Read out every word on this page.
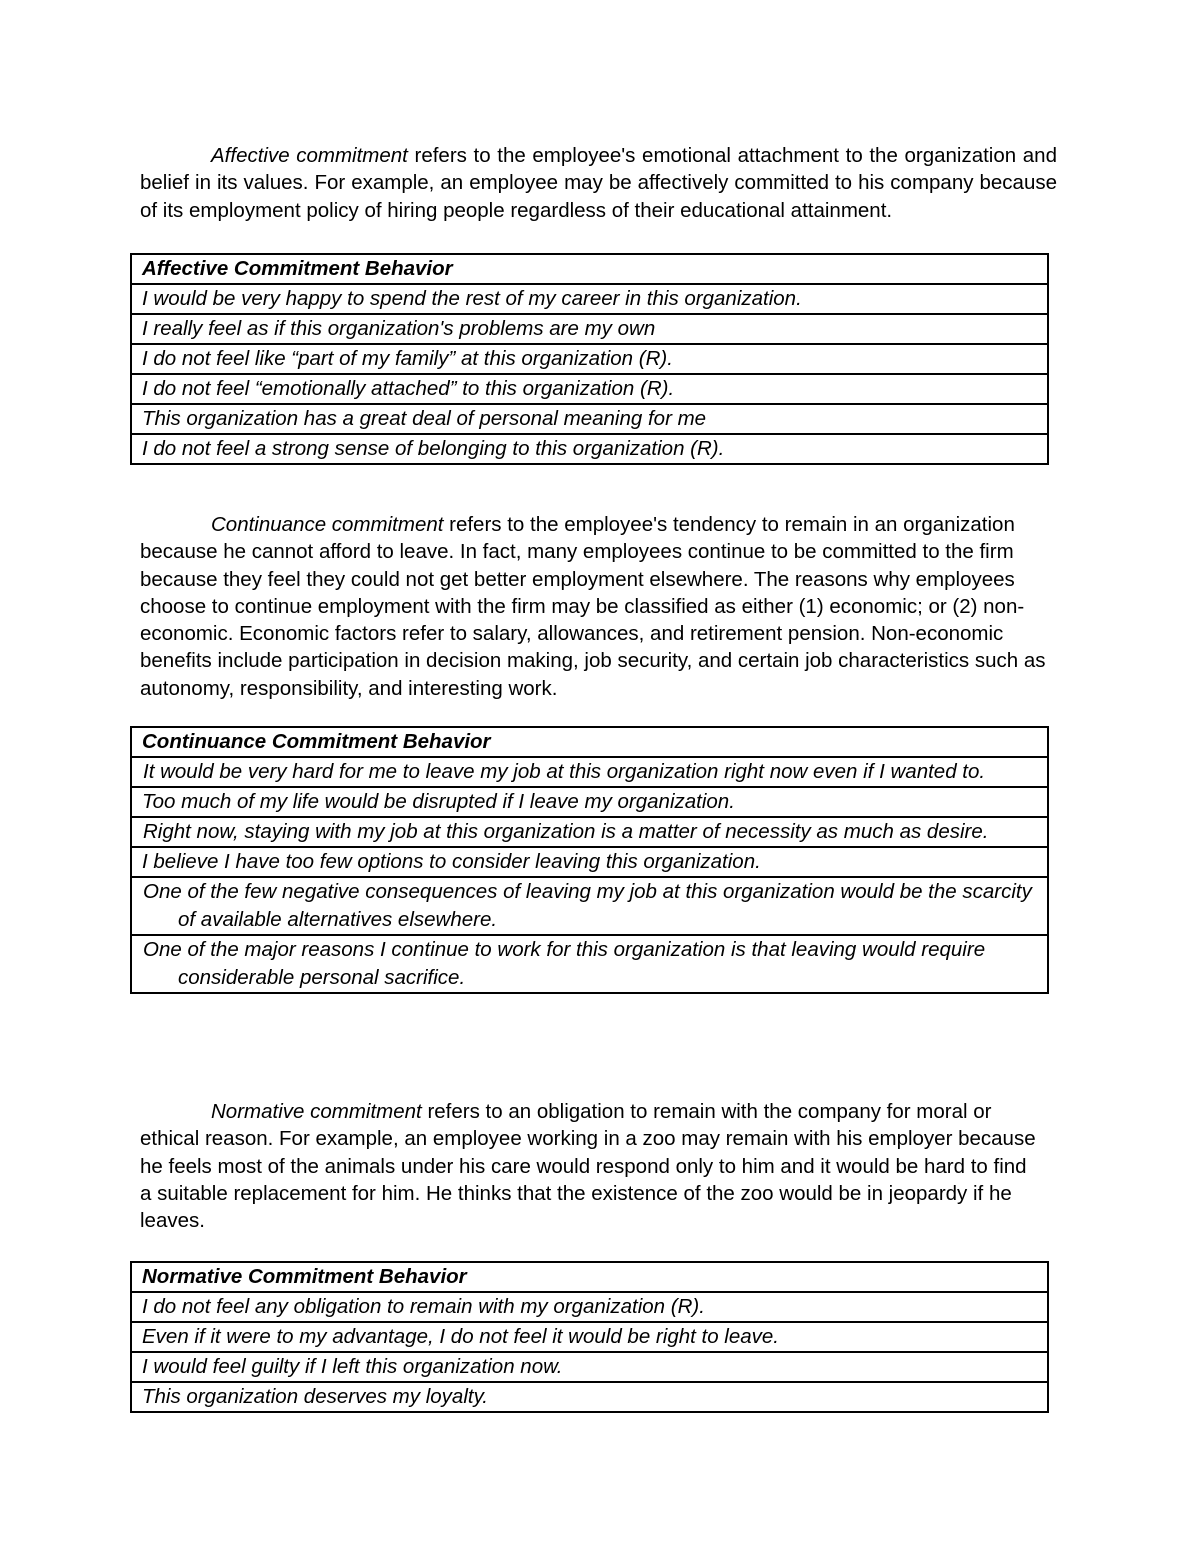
Affective commitment refers to the employee's emotional attachment to the organization and belief in its values. For example, an employee may be affectively committed to his company because of its employment policy of hiring people regardless of their educational attainment.

Affective Commitment Behavior
I would be very happy to spend the rest of my career in this organization.
I really feel as if this organization's problems are my own
I do not feel like “part of my family” at this organization (R).
I do not feel “emotionally attached” to this organization (R).
This organization has a great deal of personal meaning for me
I do not feel a strong sense of belonging to this organization (R).

Continuance commitment refers to the employee's tendency to remain in an organization because he cannot afford to leave. In fact, many employees continue to be committed to the firm because they feel they could not get better employment elsewhere. The reasons why employees choose to continue employment with the firm may be classified as either (1) economic; or (2) non-economic. Economic factors refer to salary, allowances, and retirement pension. Non-economic benefits include participation in decision making, job security, and certain job characteristics such as autonomy, responsibility, and interesting work.

Continuance Commitment Behavior
It would be very hard for me to leave my job at this organization right now even if I wanted to.
Too much of my life would be disrupted if I leave my organization.
Right now, staying with my job at this organization is a matter of necessity as much as desire.
I believe I have too few options to consider leaving this organization.
One of the few negative consequences of leaving my job at this organization would be the scarcity of available alternatives elsewhere.
One of the major reasons I continue to work for this organization is that leaving would require considerable personal sacrifice.

Normative commitment refers to an obligation to remain with the company for moral or ethical reason. For example, an employee working in a zoo may remain with his employer because he feels most of the animals under his care would respond only to him and it would be hard to find a suitable replacement for him. He thinks that the existence of the zoo would be in jeopardy if he leaves.

Normative Commitment Behavior
I do not feel any obligation to remain with my organization (R).
Even if it were to my advantage, I do not feel it would be right to leave.
I would feel guilty if I left this organization now.
This organization deserves my loyalty.
